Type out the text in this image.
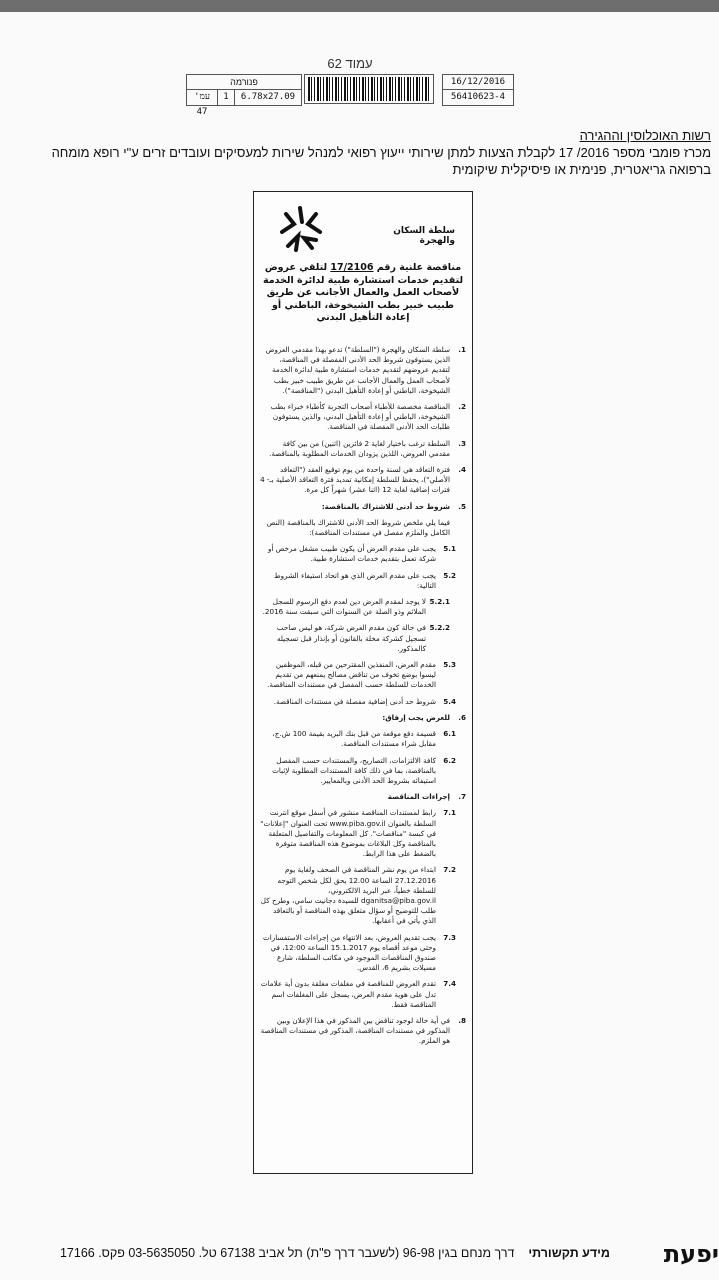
עמוד 62
פנורמה
עמ' 47
1	6.78x27.09
16/12/2016
56410623-4
רשות האוכלוסין וההגירה
מכרז פומבי מספר 2016/ 17 לקבלת הצעות למתן שירותי ייעוץ רפואי למנהל שירות למעסיקים ועובדים זרים ע"י רופא מומחה ברפואה גריאטרית, פנימית או פיסיקלית שיקומית
سلطة السكان والهجرة
مناقصة علنية رقم 17/2106 لتلقي عروض لتقديم خدمات استشارة طبية لدائرة الخدمة لأصحاب العمل والعمال الأجانب عن طريق طبيب خبير بطب الشيخوخة، الباطني أو إعادة التأهيل البدني
1.
سلطة السكان والهجرة ("السلطة") تدعو بهذا مقدمي العروض الذين يستوفون شروط الحد الأدنى المفصلة في المناقصة، لتقديم عروضهم لتقديم خدمات استشارة طبية لدائرة الخدمة لأصحاب العمل والعمال الأجانب عن طريق طبيب خبير بطب الشيخوخة، الباطني أو إعادة التأهيل البدني ("المناقصة").
2.
المناقصة مخصصة للأطباء أصحاب التجربة كأطباء خبراء بطب الشيخوخة، الباطني أو إعادة التأهيل البدني، والذين يستوفون طلبات الحد الأدنى المفصلة في المناقصة.
3.
السلطة ترغب باختيار لغاية 2 فائزين (اثنين) من بين كافة مقدمي العروض، اللذين يزودان الخدمات المطلوبة بالمناقصة.
4.
فترة التعاقد هي لسنة واحدة من يوم توقيع العقد ("التعاقد الأصلي")، يحفظ للسلطة إمكانية تمديد فترة التعاقد الأصلية بـ- 4 فترات إضافية لغاية 12 (اثنا عشر) شهراً كل مرة.
5.
شروط حد أدنى للاشتراك بالمناقصة:
فيما يلي ملخص شروط الحد الأدنى للاشتراك بالمناقصة (النص الكامل والملزم مفصل في مستندات المناقصة):
5.1
يجب على مقدم العرض أن يكون طبيب مشغل مرخص أو شركة تعمل بتقديم خدمات استشارة طبية.
5.2
يجب على مقدم العرض الذي هو اتحاد استيفاء الشروط التالية:
5.2.1
لا يوجد لمقدم العرض دين لعدم دفع الرسوم للسجل الملائم وذو الصلة عن السنوات التي سبقت سنة 2016.
5.2.2
في حالة كون مقدم العرض شركة، هو ليس صاحب تسجيل كشركة مخلة بالقانون أو بإنذار قبل تسجيله كالمذكور.
5.3
مقدم العرض، المنفذين المقترحين من قبله، الموظفين ليسوا بوضع تخوف من تناقض مصالح يمنعهم من تقديم الخدمات للسلطة حسب المفصل في مستندات المناقصة.
5.4
شروط حد أدنى إضافية مفصلة في مستندات المناقصة.
6.
للعرض يجب إرفاق:
6.1
قسيمة دفع موقعة من قبل بنك البريد بقيمة 100 ش.ج، مقابل شراء مستندات المناقصة.
6.2
كافة الالتزامات، التصاريح، والمستندات حسب المفصل بالمناقصة، بما في ذلك كافة المستندات المطلوبة لإثبات استيفائه بشروط الحد الأدنى وبالمعايير.
7.
إجراءات المناقصة
7.1
رابط لمستندات المناقصة منشور في أسفل موقع انترنت السلطة بالعنوان www.piba.gov.il تحت العنوان "إعلانات" في كبسة "مناقصات". كل المعلومات والتفاصيل المتعلقة بالمناقصة وكل البلاغات بموضوع هذه المناقصة متوفرة بالضغط على هذا الرابط.
7.2
ابتداء من يوم نشر المناقصة في الصحف ولغاية يوم 27.12.2016 الساعة 12.00 يحق لكل شخص التوجه للسلطة خطياً، عبر البريد الالكتروني، dganitsa@piba.gov.il للسيدة دجانيت سامي، وطرح كل طلب للتوضيح أو سؤال متعلق بهذه المناقصة أو بالتعاقد الذي يأتي في أعقابها.
7.3
يجب تقديم العروض، بعد الانتهاء من إجراءات الاستفسارات وحتى موعد أقصاه يوم 15.1.2017 الساعة 12:00، في صندوق المناقصات الموجود في مكاتب السلطة، شارع مسيلات بشريم 6، القدس.
7.4
تقدم العروض للمناقصة في مغلفات مغلقة بدون أية علامات تدل على هوية مقدم العرض، يسجل على المغلفات اسم المناقصة فقط.
8.
في أية حالة لوجود تناقض بين المذكور في هذا الإعلان وبين المذكور في مستندات المناقصة، المذكور في مستندات المناقصة هو الملزم.
יפעת
מידע תקשורתי    דרך מנחם בגין 96-98 (לשעבר דרך פ"ת) תל אביב 67138 טל. 03-5635050 פקס. 17166
